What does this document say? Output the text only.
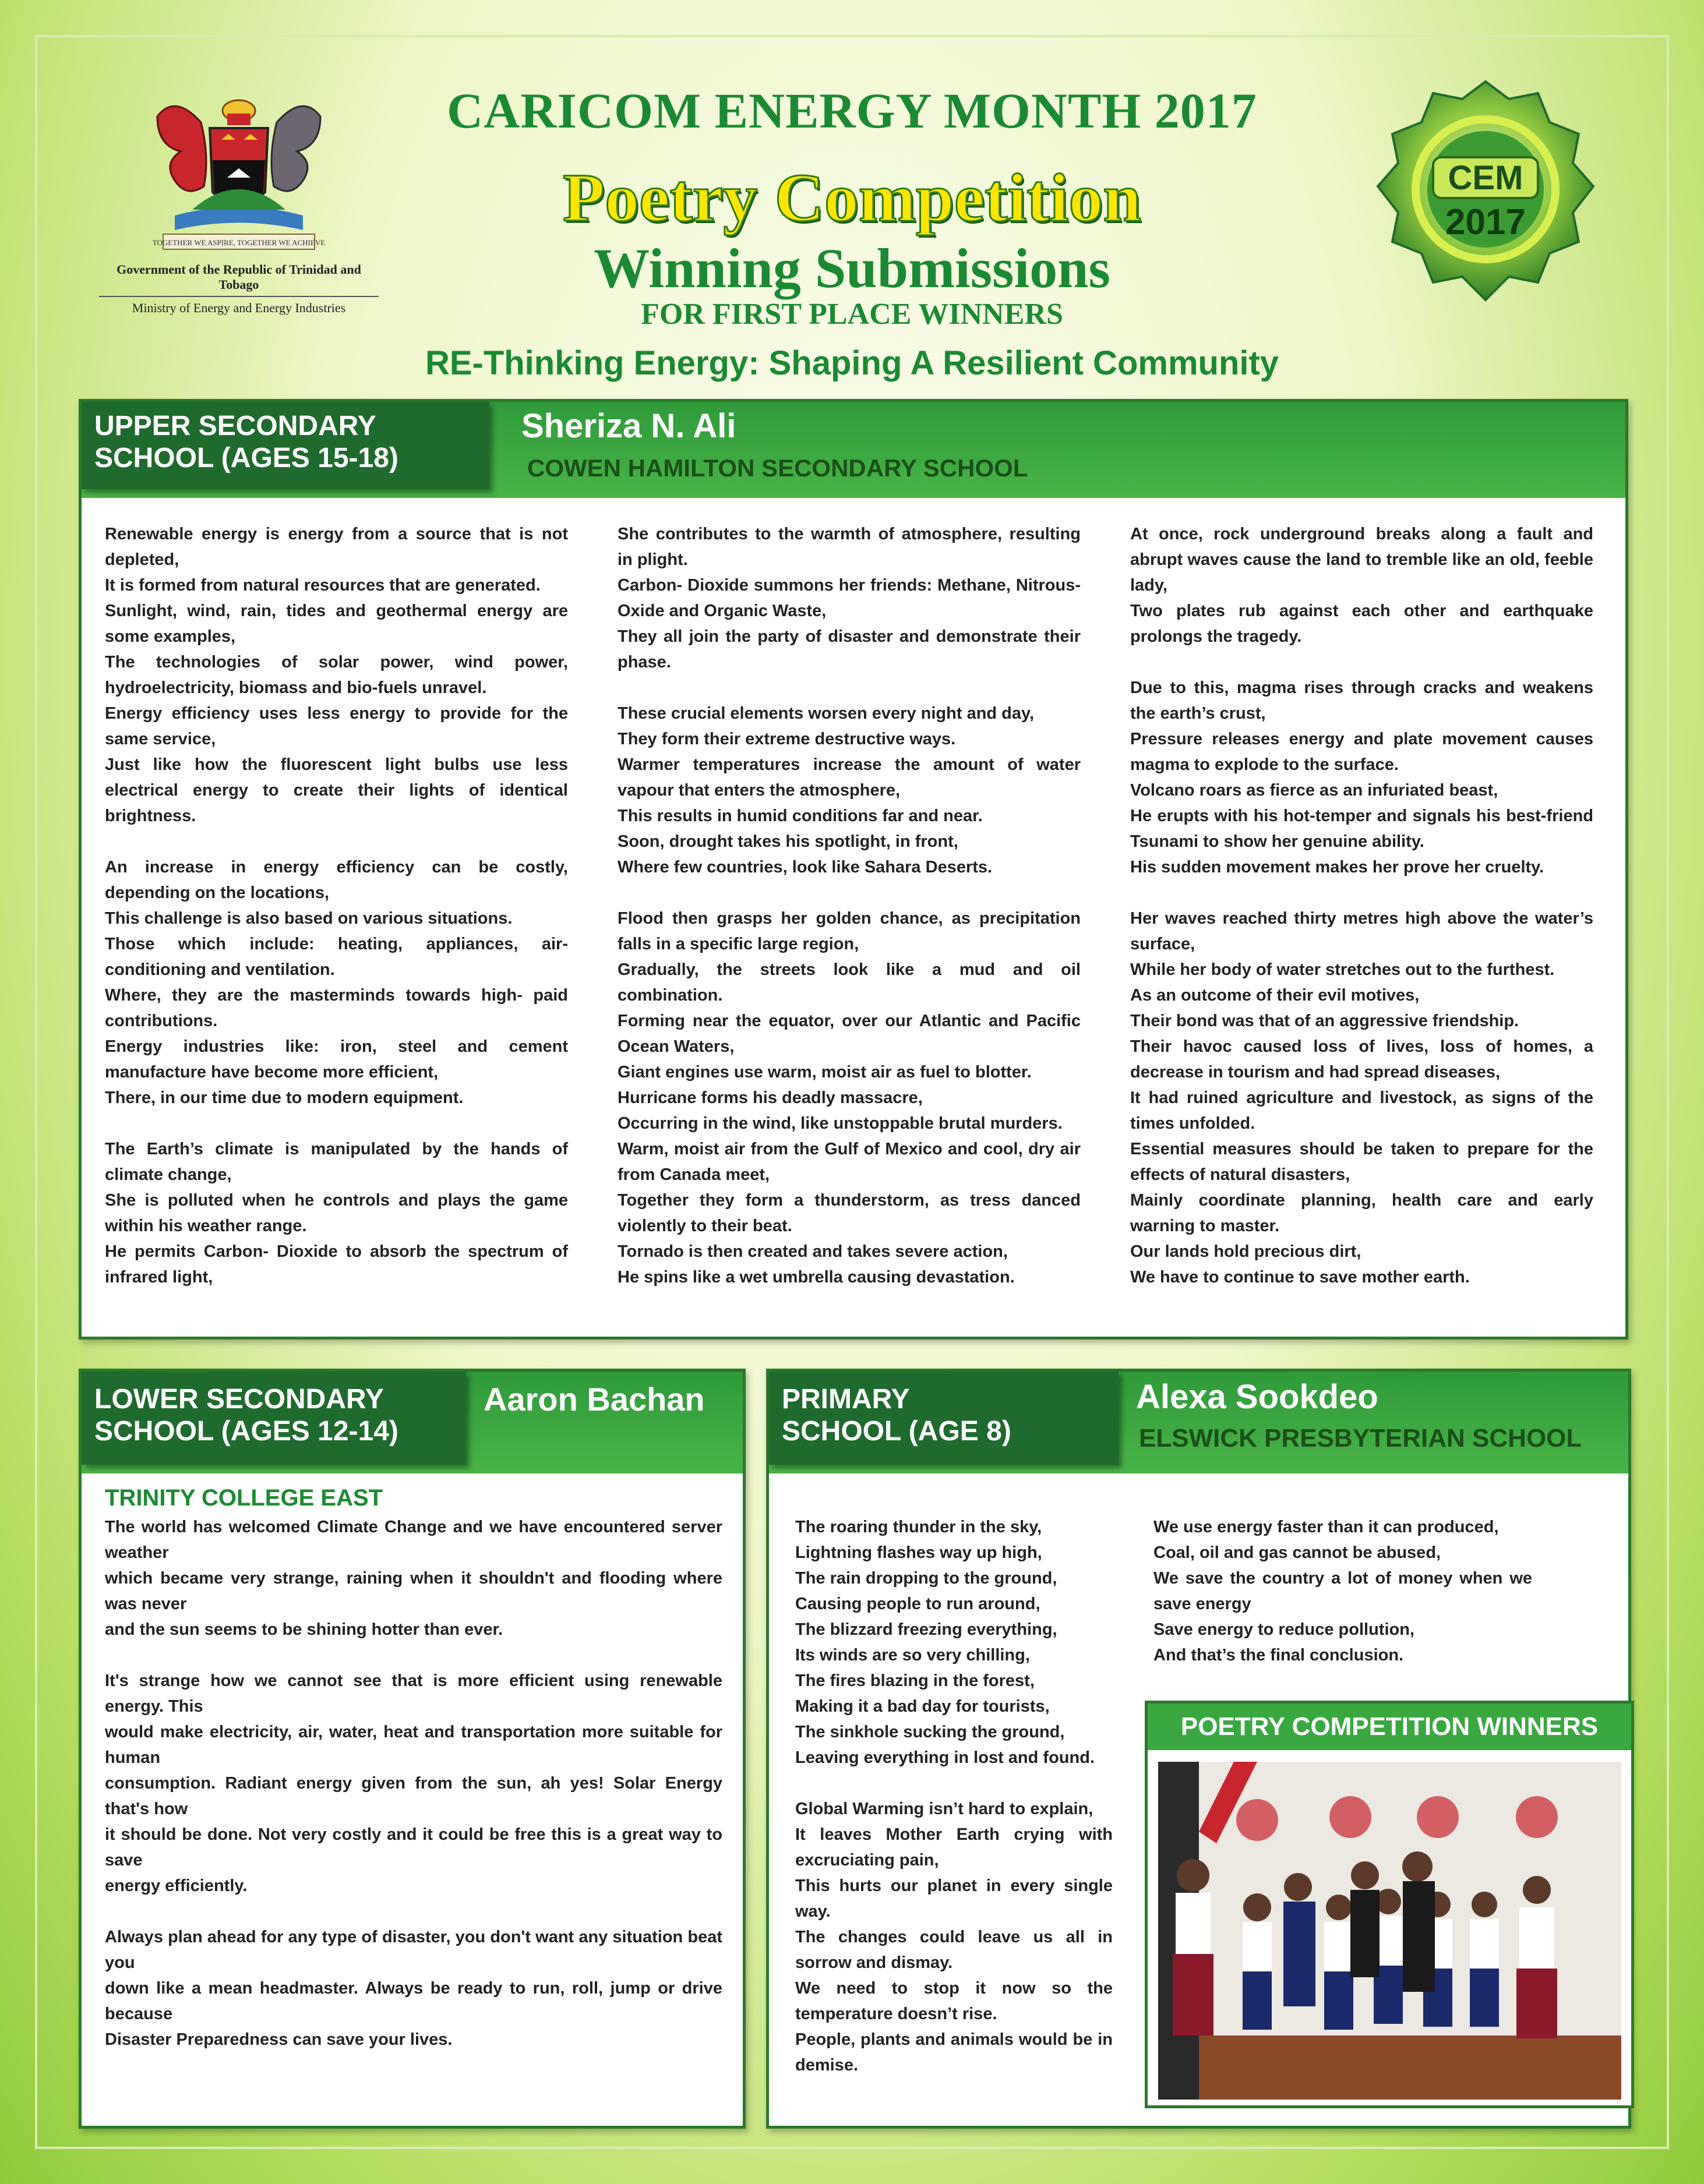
TOGETHER WE ASPIRE, TOGETHER WE ACHIEVE
Government of the Republic of Trinidad and Tobago
Ministry of Energy and Energy Industries
CARICOM ENERGY MONTH 2017
Poetry Competition
Winning Submissions
FOR FIRST PLACE WINNERS
RE-Thinking Energy: Shaping A Resilient Community
CEM
2017
UPPER SECONDARY
SCHOOL (AGES 15-18)
Sheriza N. Ali
COWEN HAMILTON SECONDARY SCHOOL

Renewable energy is energy from a source that is not depleted,
It is formed from natural resources that are generated.
Sunlight, wind, rain, tides and geothermal energy are some examples,
The technologies of solar power, wind power, hydroelectricity, biomass and bio-fuels unravel.
Energy efficiency uses less energy to provide for the same service,
Just like how the fluorescent light bulbs use less electrical energy to create their lights of identical brightness.

An increase in energy efficiency can be costly, depending on the locations,
This challenge is also based on various situations.
Those which include: heating, appliances, air-conditioning and ventilation.
Where, they are the masterminds towards high- paid contributions.
Energy industries like: iron, steel and cement manufacture have become more efficient,
There, in our time due to modern equipment.

The Earth’s climate is manipulated by the hands of climate change,
She is polluted when he controls and plays the game within his weather range.
He permits Carbon- Dioxide to absorb the spectrum of infrared light,

She contributes to the warmth of atmosphere, resulting in plight.
Carbon- Dioxide summons her friends: Methane, Nitrous- Oxide and Organic Waste,
They all join the party of disaster and demonstrate their phase.

These crucial elements worsen every night and day,
They form their extreme destructive ways.
Warmer temperatures increase the amount of water vapour that enters the atmosphere,
This results in humid conditions far and near.
Soon, drought takes his spotlight, in front,
Where few countries, look like Sahara Deserts.

Flood then grasps her golden chance, as precipitation falls in a specific large region,
Gradually, the streets look like a mud and oil combination.
Forming near the equator, over our Atlantic and Pacific Ocean Waters,
Giant engines use warm, moist air as fuel to blotter.
Hurricane forms his deadly massacre,
Occurring in the wind, like unstoppable brutal murders.
Warm, moist air from the Gulf of Mexico and cool, dry air from Canada meet,
Together they form a thunderstorm, as tress danced violently to their beat.
Tornado is then created and takes severe action,
He spins like a wet umbrella causing devastation.

At once, rock underground breaks along a fault and abrupt waves cause the land to tremble like an old, feeble lady,
Two plates rub against each other and earthquake prolongs the tragedy.

Due to this, magma rises through cracks and weakens the earth’s crust,
Pressure releases energy and plate movement causes magma to explode to the surface.
Volcano roars as fierce as an infuriated beast,
He erupts with his hot-temper and signals his best-friend Tsunami to show her genuine ability.
His sudden movement makes her prove her cruelty.

Her waves reached thirty metres high above the water’s surface,
While her body of water stretches out to the furthest.
As an outcome of their evil motives,
Their bond was that of an aggressive friendship.
Their havoc caused loss of lives, loss of homes, a decrease in tourism and had spread diseases,
It had ruined agriculture and livestock, as signs of the times unfolded.
Essential measures should be taken to prepare for the effects of natural disasters,
Mainly coordinate planning, health care and early warning to master.
Our lands hold precious dirt,
We have to continue to save mother earth.

LOWER SECONDARY
SCHOOL (AGES 12-14)
Aaron Bachan
TRINITY COLLEGE EAST

The world has welcomed Climate Change and we have encountered server weather
which became very strange, raining when it shouldn't and flooding where was never
and the sun seems to be shining hotter than ever.

It's strange how we cannot see that is more efficient using renewable energy. This
would make electricity, air, water, heat and transportation more suitable for human
consumption. Radiant energy given from the sun, ah yes! Solar Energy that's how
it should be done. Not very costly and it could be free this is a great way to save
energy efficiently.

Always plan ahead for any type of disaster, you don't want any situation beat you
down like a mean headmaster. Always be ready to run, roll, jump or drive because
Disaster Preparedness can save your lives.

PRIMARY
SCHOOL (AGE 8)
Alexa Sookdeo
ELSWICK PRESBYTERIAN SCHOOL

The roaring thunder in the sky,
Lightning flashes way up high,
The rain dropping to the ground,
Causing people to run around,
The blizzard freezing everything,
Its winds are so very chilling,
The fires blazing in the forest,
Making it a bad day for tourists,
The sinkhole sucking the ground,
Leaving everything in lost and found.

Global Warming isn’t hard to explain,
It leaves Mother Earth crying with excruciating pain,
This hurts our planet in every single way.
The changes could leave us all in sorrow and dismay.
We need to stop it now so the temperature doesn’t rise.
People, plants and animals would be in demise.

We use energy faster than it can produced,
Coal, oil and gas cannot be abused,
We save the country a lot of money when we save energy
Save energy to reduce pollution,
And that’s the final conclusion.

POETRY COMPETITION WINNERS
